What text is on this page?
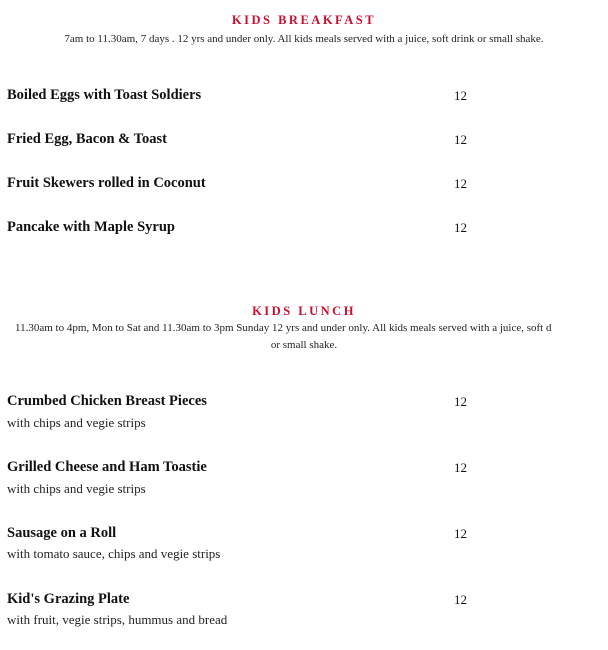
KIDS BREAKFAST
7am to 11.30am, 7 days . 12 yrs and under only. All kids meals served with a juice, soft drink or small shake.
Boiled Eggs with Toast Soldiers	12
Fried Egg, Bacon & Toast	12
Fruit Skewers rolled in Coconut	12
Pancake with Maple Syrup	12
KIDS LUNCH
11.30am to 4pm, Mon to Sat and 11.30am to 3pm Sunday 12 yrs and under only. All kids meals served with a juice, soft d
or small shake.
Crumbed Chicken Breast Pieces
with chips and vegie strips
12
Grilled Cheese and Ham Toastie
with chips and vegie strips
12
Sausage on a Roll
with tomato sauce, chips and vegie strips
12
Kid's Grazing Plate
with fruit, vegie strips, hummus and bread
12
